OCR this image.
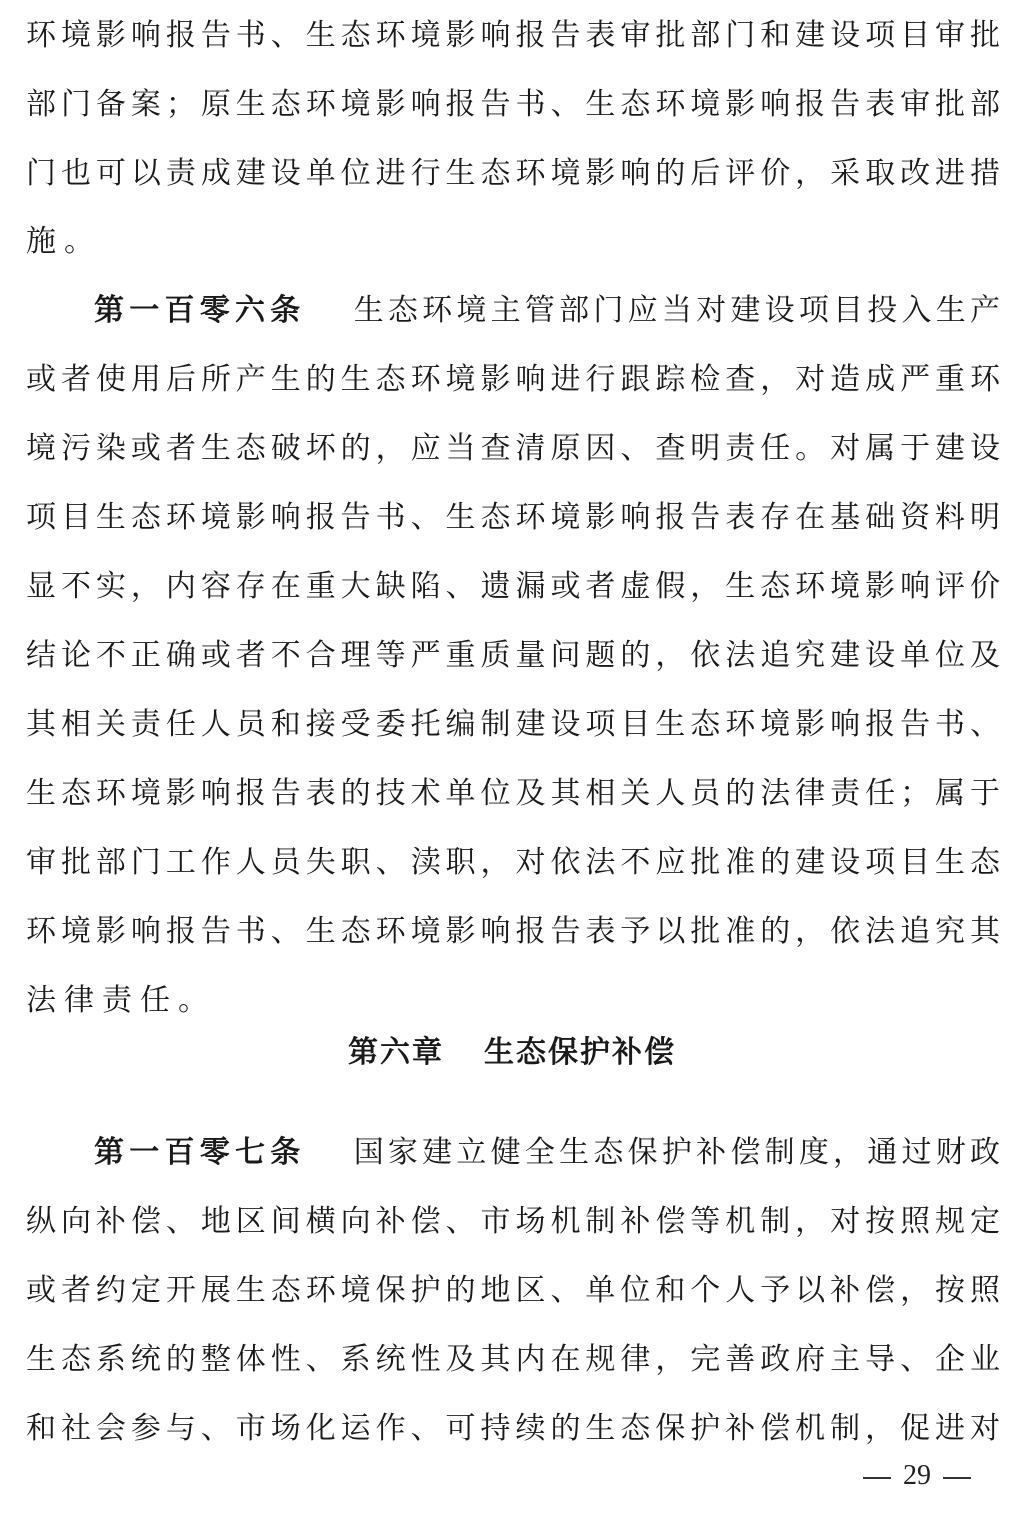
环境影响报告书、生态环境影响报告表审批部门和建设项目审批
部门备案；原生态环境影响报告书、生态环境影响报告表审批部
门也可以责成建设单位进行生态环境影响的后评价，采取改进措
施。
第一百零六条 生态环境主管部门应当对建设项目投入生产
或者使用后所产生的生态环境影响进行跟踪检查，对造成严重环
境污染或者生态破坏的，应当查清原因、查明责任。对属于建设
项目生态环境影响报告书、生态环境影响报告表存在基础资料明
显不实，内容存在重大缺陷、遗漏或者虚假，生态环境影响评价
结论不正确或者不合理等严重质量问题的，依法追究建设单位及
其相关责任人员和接受委托编制建设项目生态环境影响报告书、
生态环境影响报告表的技术单位及其相关人员的法律责任；属于
审批部门工作人员失职、渎职，对依法不应批准的建设项目生态
环境影响报告书、生态环境影响报告表予以批准的，依法追究其
法律责任。
第六章 生态保护补偿
第一百零七条 国家建立健全生态保护补偿制度，通过财政
纵向补偿、地区间横向补偿、市场机制补偿等机制，对按照规定
或者约定开展生态环境保护的地区、单位和个人予以补偿，按照
生态系统的整体性、系统性及其内在规律，完善政府主导、企业
和社会参与、市场化运作、可持续的生态保护补偿机制，促进对
29
